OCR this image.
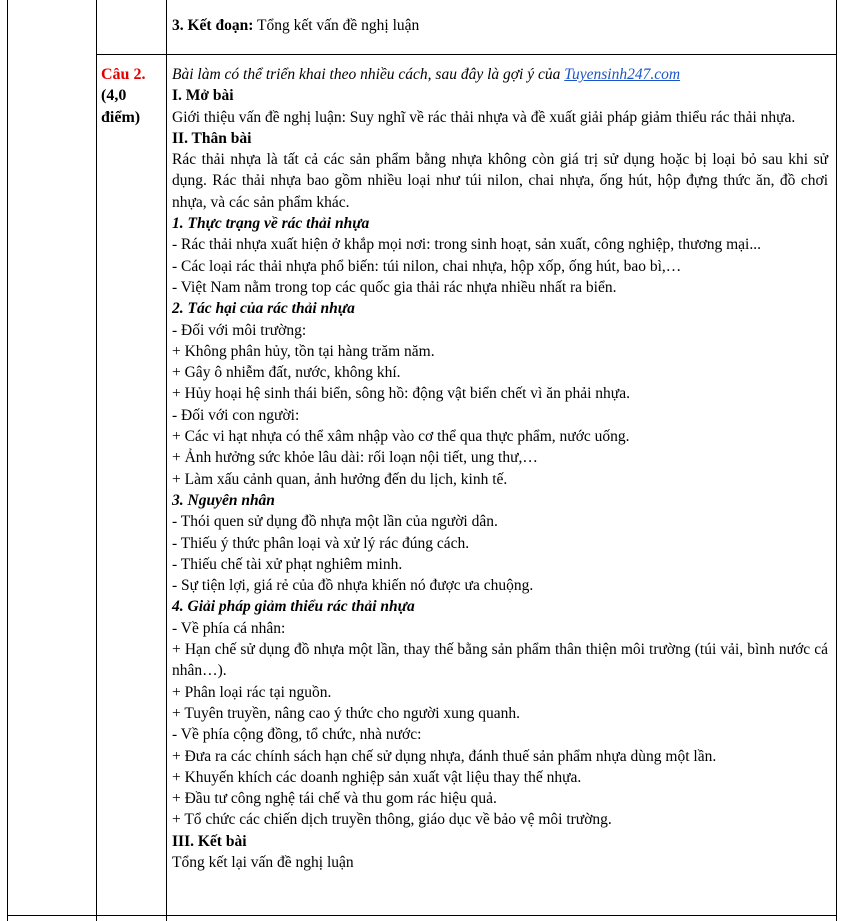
3. Kết đoạn: Tổng kết vấn đề nghị luận

Câu 2.
(4,0
điểm)

Bài làm có thể triển khai theo nhiều cách, sau đây là gợi ý của Tuyensinh247.com

I. Mở bài

Giới thiệu vấn đề nghị luận: Suy nghĩ về rác thải nhựa và đề xuất giải pháp giảm thiểu rác thải nhựa.

II. Thân bài

Rác thải nhựa là tất cả các sản phẩm bằng nhựa không còn giá trị sử dụng hoặc bị loại bỏ sau khi sử dụng. Rác thải nhựa bao gồm nhiều loại như túi nilon, chai nhựa, ống hút, hộp đựng thức ăn, đồ chơi nhựa, và các sản phẩm khác.

1. Thực trạng về rác thải nhựa

- Rác thải nhựa xuất hiện ở khắp mọi nơi: trong sinh hoạt, sản xuất, công nghiệp, thương mại...

- Các loại rác thải nhựa phổ biến: túi nilon, chai nhựa, hộp xốp, ống hút, bao bì,…

- Việt Nam nằm trong top các quốc gia thải rác nhựa nhiều nhất ra biển.

2. Tác hại của rác thải nhựa

- Đối với môi trường:

+ Không phân hủy, tồn tại hàng trăm năm.

+ Gây ô nhiễm đất, nước, không khí.

+ Hủy hoại hệ sinh thái biển, sông hồ: động vật biển chết vì ăn phải nhựa.

- Đối với con người:

+ Các vi hạt nhựa có thể xâm nhập vào cơ thể qua thực phẩm, nước uống.

+ Ảnh hưởng sức khỏe lâu dài: rối loạn nội tiết, ung thư,…

+ Làm xấu cảnh quan, ảnh hưởng đến du lịch, kinh tế.

3. Nguyên nhân

- Thói quen sử dụng đồ nhựa một lần của người dân.

- Thiếu ý thức phân loại và xử lý rác đúng cách.

- Thiếu chế tài xử phạt nghiêm minh.

- Sự tiện lợi, giá rẻ của đồ nhựa khiến nó được ưa chuộng.

4. Giải pháp giảm thiểu rác thải nhựa

- Về phía cá nhân:

+ Hạn chế sử dụng đồ nhựa một lần, thay thế bằng sản phẩm thân thiện môi trường (túi vải, bình nước cá nhân…).

+ Phân loại rác tại nguồn.

+ Tuyên truyền, nâng cao ý thức cho người xung quanh.

- Về phía cộng đồng, tổ chức, nhà nước:

+ Đưa ra các chính sách hạn chế sử dụng nhựa, đánh thuế sản phẩm nhựa dùng một lần.

+ Khuyến khích các doanh nghiệp sản xuất vật liệu thay thế nhựa.

+ Đầu tư công nghệ tái chế và thu gom rác hiệu quả.

+ Tổ chức các chiến dịch truyền thông, giáo dục về bảo vệ môi trường.

III. Kết bài

Tổng kết lại vấn đề nghị luận
